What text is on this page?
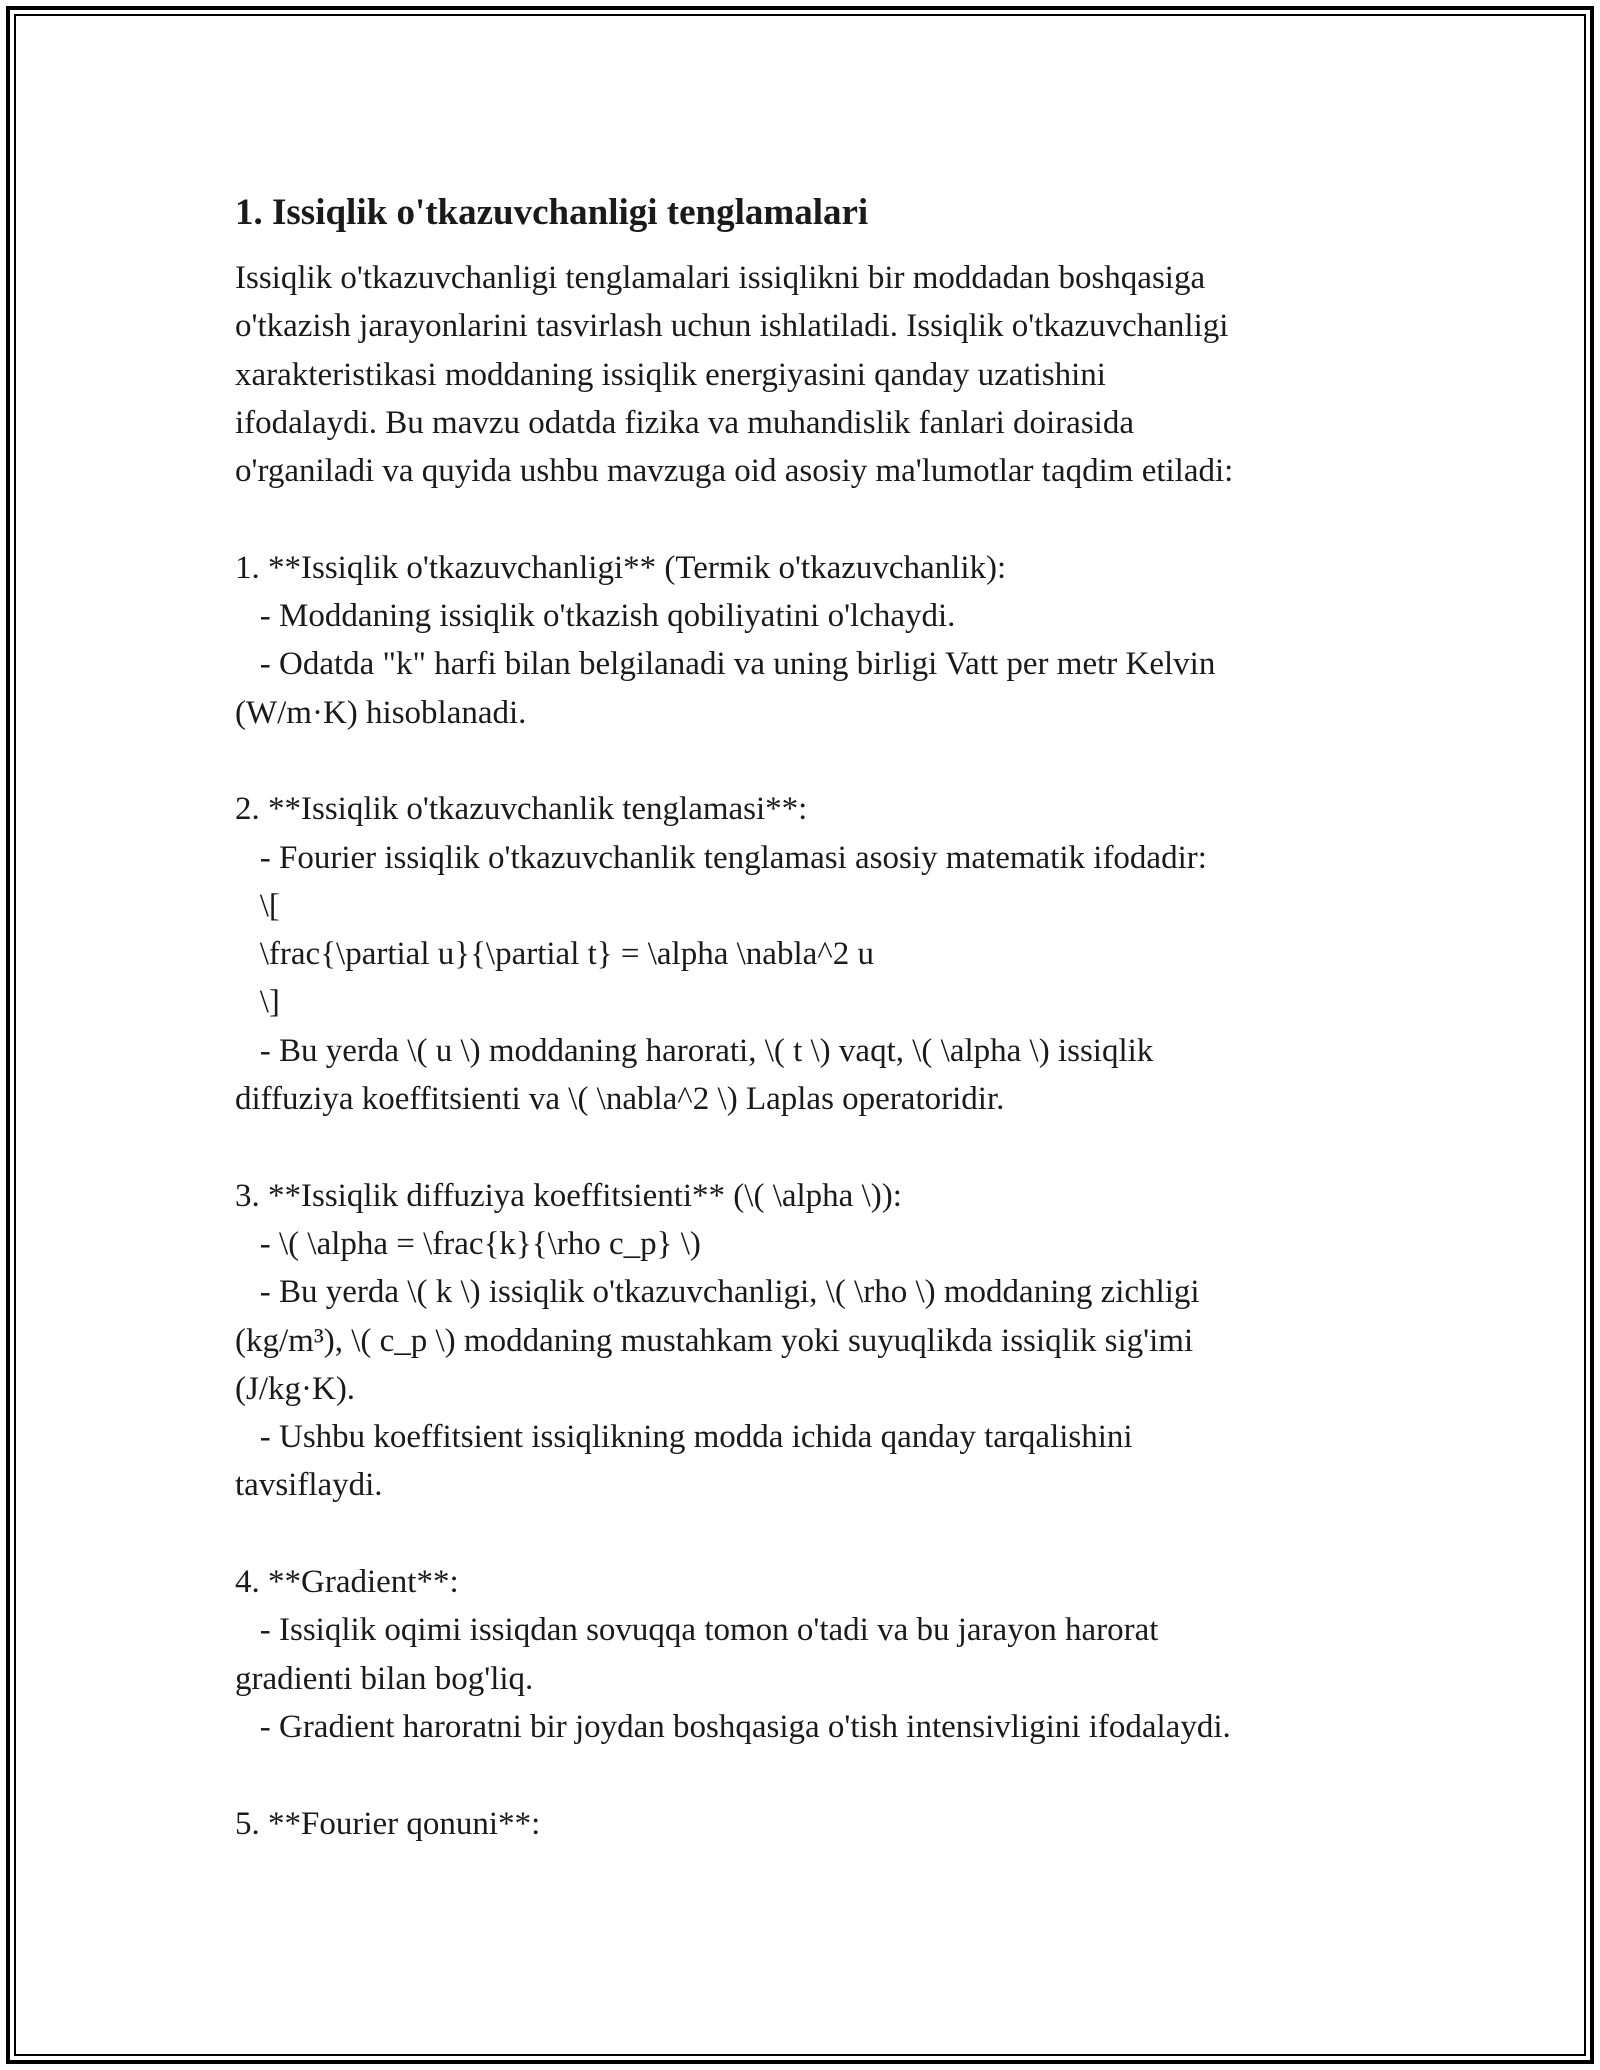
1. Issiqlik o'tkazuvchanligi tenglamalari
Issiqlik o'tkazuvchanligi tenglamalari issiqlikni bir moddadan boshqasiga
o'tkazish jarayonlarini tasvirlash uchun ishlatiladi. Issiqlik o'tkazuvchanligi
xarakteristikasi moddaning issiqlik energiyasini qanday uzatishini
ifodalaydi. Bu mavzu odatda fizika va muhandislik fanlari doirasida
o'rganiladi va quyida ushbu mavzuga oid asosiy ma'lumotlar taqdim etiladi:
1. **Issiqlik o'tkazuvchanligi** (Termik o'tkazuvchanlik):
- Moddaning issiqlik o'tkazish qobiliyatini o'lchaydi.
- Odatda "k" harfi bilan belgilanadi va uning birligi Vatt per metr Kelvin
(W/m·K) hisoblanadi.
2. **Issiqlik o'tkazuvchanlik tenglamasi**:
- Fourier issiqlik o'tkazuvchanlik tenglamasi asosiy matematik ifodadir:
\[
\frac{\partial u}{\partial t} = \alpha \nabla^2 u
\]
- Bu yerda \( u \) moddaning harorati, \( t \) vaqt, \( \alpha \) issiqlik
diffuziya koeffitsienti va \( \nabla^2 \) Laplas operatoridir.
3. **Issiqlik diffuziya koeffitsienti** (\( \alpha \)):
- \( \alpha = \frac{k}{\rho c_p} \)
- Bu yerda \( k \) issiqlik o'tkazuvchanligi, \( \rho \) moddaning zichligi
(kg/m³), \( c_p \) moddaning mustahkam yoki suyuqlikda issiqlik sig'imi
(J/kg·K).
- Ushbu koeffitsient issiqlikning modda ichida qanday tarqalishini
tavsiflaydi.
4. **Gradient**:
- Issiqlik oqimi issiqdan sovuqqa tomon o'tadi va bu jarayon harorat
gradienti bilan bog'liq.
- Gradient haroratni bir joydan boshqasiga o'tish intensivligini ifodalaydi.
5. **Fourier qonuni**:
